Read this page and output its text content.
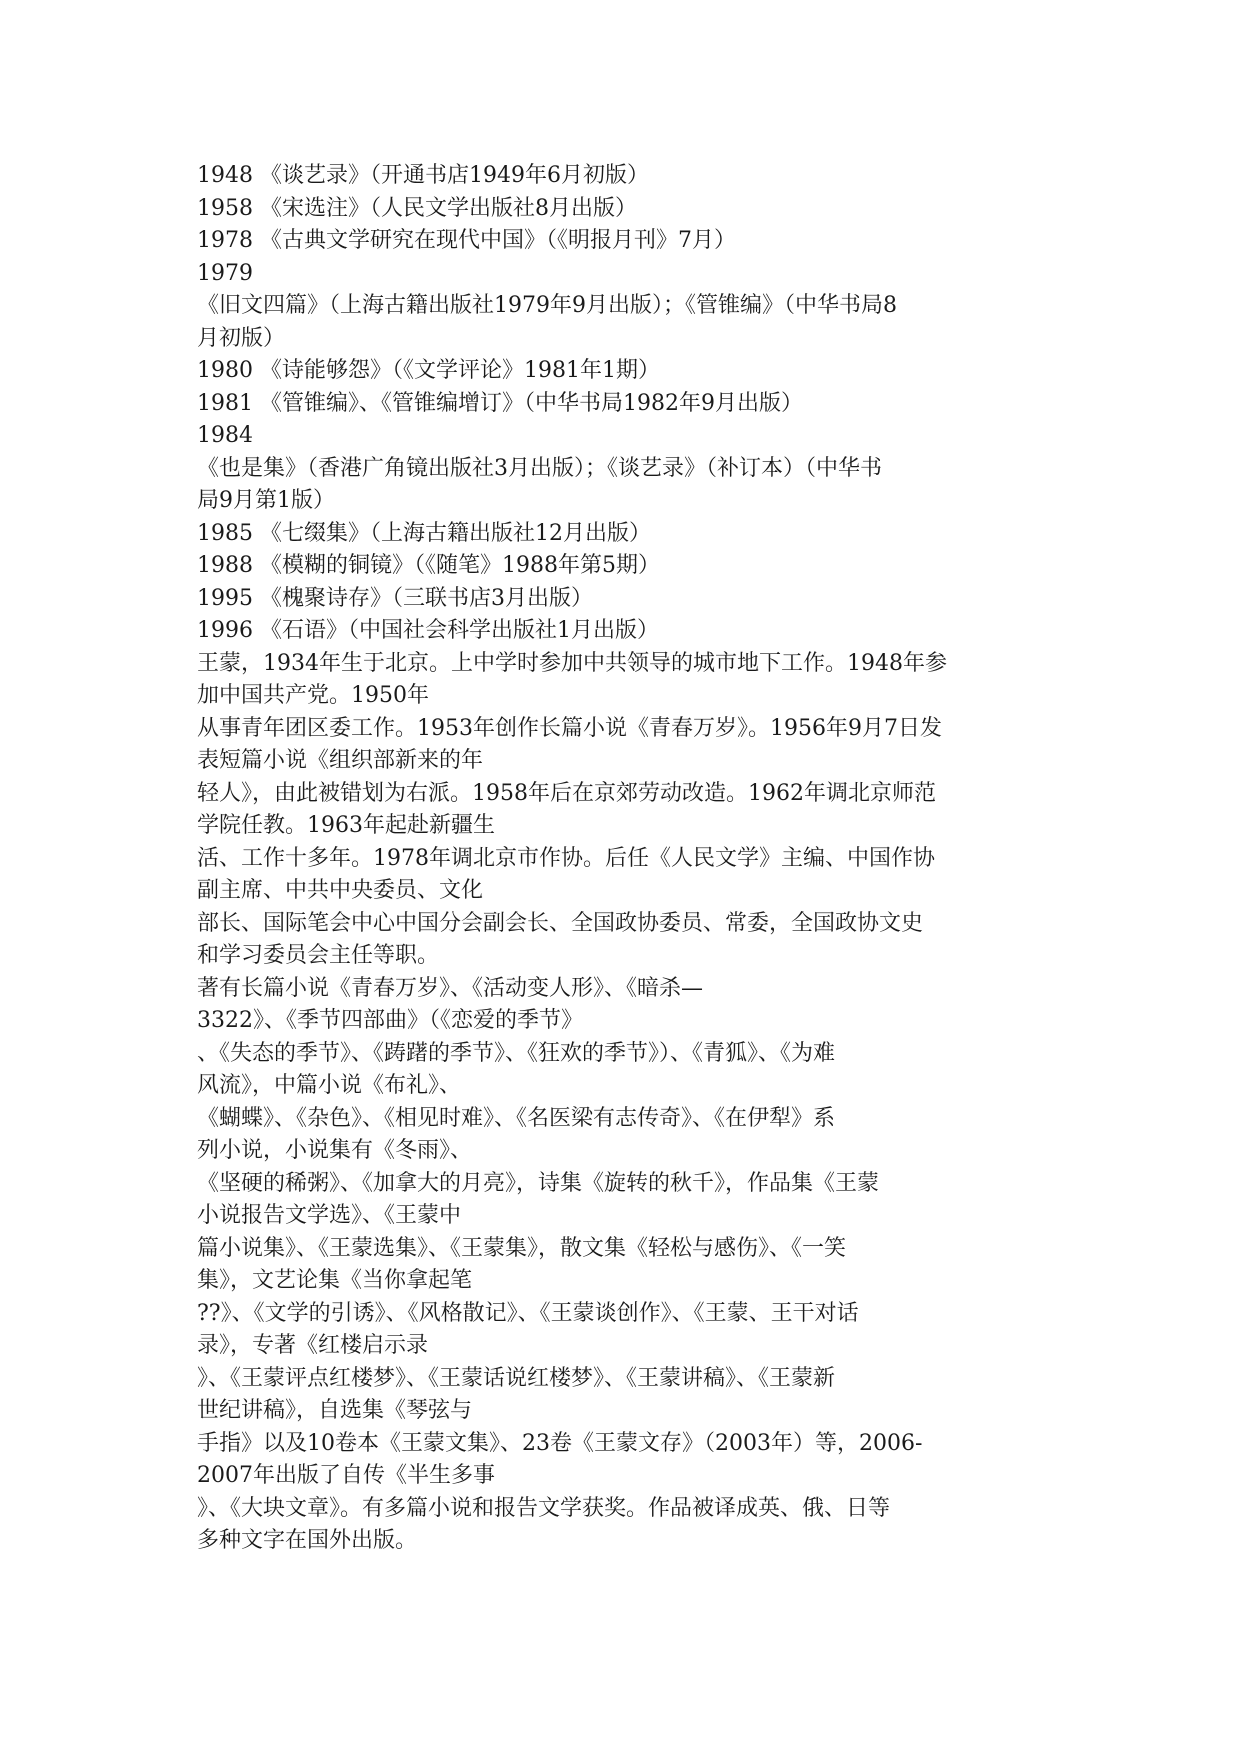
1948 《谈艺录》（开通书店1949年6月初版）
1958 《宋选注》（人民文学出版社8月出版）
1978 《古典文学研究在现代中国》（《明报月刊》7月）
1979
《旧文四篇》（上海古籍出版社1979年9月出版）；《管锥编》（中华书局8
月初版）
1980 《诗能够怨》（《文学评论》1981年1期）
1981 《管锥编》、《管锥编增订》（中华书局1982年9月出版）
1984
《也是集》（香港广角镜出版社3月出版）；《谈艺录》（补订本）（中华书
局9月第1版）
1985 《七缀集》（上海古籍出版社12月出版）
1988 《模糊的铜镜》（《随笔》1988年第5期）
1995 《槐聚诗存》（三联书店3月出版）
1996 《石语》（中国社会科学出版社1月出版）
王蒙，1934年生于北京。上中学时参加中共领导的城市地下工作。1948年参
加中国共产党。1950年
从事青年团区委工作。1953年创作长篇小说《青春万岁》。1956年9月7日发
表短篇小说《组织部新来的年
轻人》，由此被错划为右派。1958年后在京郊劳动改造。1962年调北京师范
学院任教。1963年起赴新疆生
活、工作十多年。1978年调北京市作协。后任《人民文学》主编、中国作协
副主席、中共中央委员、文化
部长、国际笔会中心中国分会副会长、全国政协委员、常委，全国政协文史
和学习委员会主任等职。
著有长篇小说《青春万岁》、《活动变人形》、《暗杀—
3322》、《季节四部曲》（《恋爱的季节》
、《失态的季节》、《踌躇的季节》、《狂欢的季节》）、《青狐》、《为难
风流》，中篇小说《布礼》、
《蝴蝶》、《杂色》、《相见时难》、《名医梁有志传奇》、《在伊犁》系
列小说，小说集有《冬雨》、
《坚硬的稀粥》、《加拿大的月亮》，诗集《旋转的秋千》，作品集《王蒙
小说报告文学选》、《王蒙中
篇小说集》、《王蒙选集》、《王蒙集》，散文集《轻松与感伤》、《一笑
集》，文艺论集《当你拿起笔
??》、《文学的引诱》、《风格散记》、《王蒙谈创作》、《王蒙、王干对话
录》，专著《红楼启示录
》、《王蒙评点红楼梦》、《王蒙话说红楼梦》、《王蒙讲稿》、《王蒙新
世纪讲稿》，自选集《琴弦与
手指》以及10卷本《王蒙文集》、23卷《王蒙文存》（2003年）等，2006-
2007年出版了自传《半生多事
》、《大块文章》。有多篇小说和报告文学获奖。作品被译成英、俄、日等
多种文字在国外出版。
